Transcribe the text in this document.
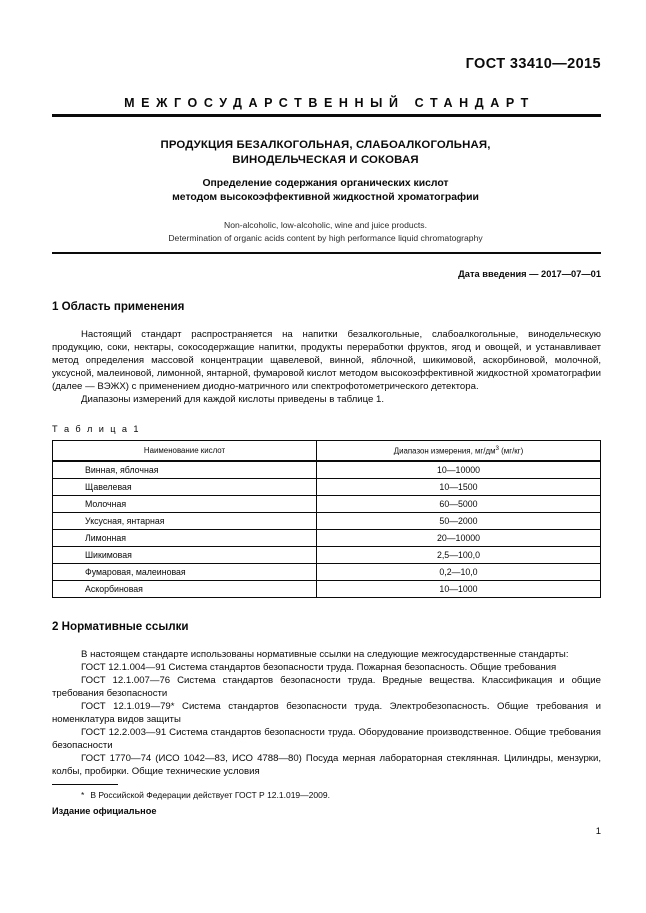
ГОСТ 33410—2015
МЕЖГОСУДАРСТВЕННЫЙ СТАНДАРТ
ПРОДУКЦИЯ БЕЗАЛКОГОЛЬНАЯ, СЛАБОАЛКОГОЛЬНАЯ,
ВИНОДЕЛЬЧЕСКАЯ И СОКОВАЯ
Определение содержания органических кислот
методом высокоэффективной жидкостной хроматографии
Non-alcoholic, low-alcoholic, wine and juice products.
Determination of organic acids content by high performance liquid chromatography
Дата введения — 2017—07—01
1 Область применения

Настоящий стандарт распространяется на напитки безалкогольные, слабоалкогольные, винодельческую продукцию, соки, нектары, сокосодержащие напитки, продукты переработки фруктов, ягод и овощей, и устанавливает метод определения массовой концентрации щавелевой, винной, яблочной, шикимовой, аскорбиновой, молочной, уксусной, малеиновой, лимонной, янтарной, фумаровой кислот методом высокоэффективной жидкостной хроматографии (далее — ВЭЖХ) с применением диодно-матричного или спектрофотометрического детектора.

Диапазоны измерений для каждой кислоты приведены в таблице 1.

Т а б л и ц а 1
Наименование кислот	Диапазон измерения, $мг/дм^3$ (мг/кг)
Винная, яблочная	10—10000
Щавелевая	10—1500
Молочная	60—5000
Уксусная, янтарная	50—2000
Лимонная	20—10000
Шикимовая	2,5—100,0
Фумаровая, малеиновая	0,2—10,0
Аскорбиновая	10—1000
2 Нормативные ссылки

В настоящем стандарте использованы нормативные ссылки на следующие межгосударственные стандарты:

ГОСТ 12.1.004—91 Система стандартов безопасности труда. Пожарная безопасность. Общие требования

ГОСТ 12.1.007—76 Система стандартов безопасности труда. Вредные вещества. Классификация и общие требования безопасности

ГОСТ 12.1.019—79* Система стандартов безопасности труда. Электробезопасность. Общие требования и номенклатура видов защиты

ГОСТ 12.2.003—91 Система стандартов безопасности труда. Оборудование производственное. Общие требования безопасности

ГОСТ 1770—74 (ИСО 1042—83, ИСО 4788—80) Посуда мерная лабораторная стеклянная. Цилиндры, мензурки, колбы, пробирки. Общие технические условия

* В Российской Федерации действует ГОСТ Р 12.1.019—2009.
Издание официальное
1
